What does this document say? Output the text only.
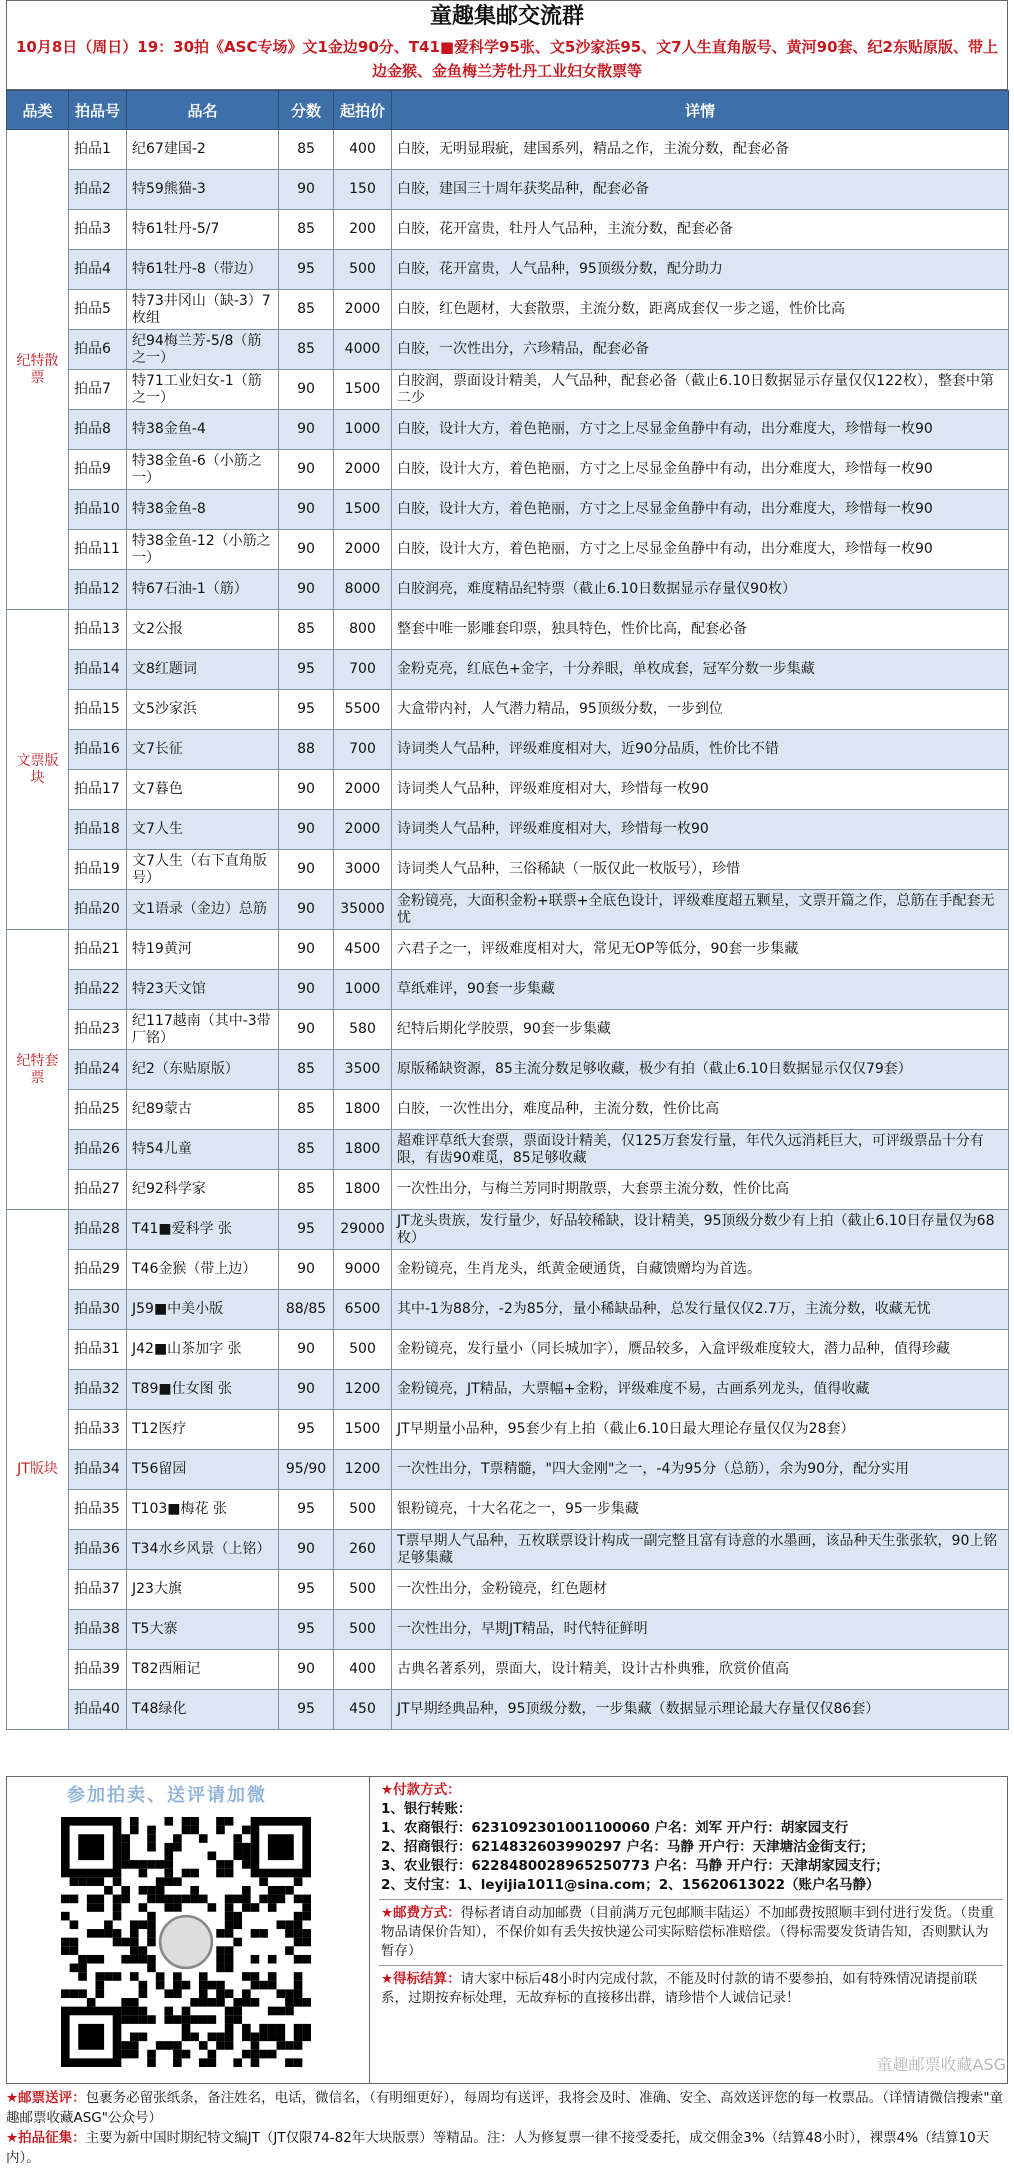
童趣集邮交流群
10月8日（周日）19：30拍《ASC专场》文1金边90分、T41■爱科学95张、文5沙家浜95、文7人生直角版号、黄河90套、纪2东贴原版、带上边金猴、金鱼梅兰芳牡丹工业妇女散票等
品类	拍品号	品名	分数	起拍价	详情
纪特散票	拍品1	纪67建国-2	85	400	白胶，无明显瑕疵，建国系列，精品之作，主流分数，配套必备
	拍品2	特59熊猫-3	90	150	白胶，建国三十周年获奖品种，配套必备
	拍品3	特61牡丹-5/7	85	200	白胶，花开富贵，牡丹人气品种，主流分数，配套必备
	拍品4	特61牡丹-8（带边）	95	500	白胶，花开富贵，人气品种，95顶级分数，配分助力
	拍品5	特73井冈山（缺-3）7枚组	85	2000	白胶，红色题材，大套散票，主流分数，距离成套仅一步之遥，性价比高
	拍品6	纪94梅兰芳-5/8（筋之一）	85	4000	白胶，一次性出分，六珍精品，配套必备
	拍品7	特71工业妇女-1（筋之一）	90	1500	白胶润，票面设计精美，人气品种，配套必备（截止6.10日数据显示存量仅仅122枚），整套中第二少
	拍品8	特38金鱼-4	90	1000	白胶，设计大方，着色艳丽，方寸之上尽显金鱼静中有动，出分难度大，珍惜每一枚90
	拍品9	特38金鱼-6（小筋之一）	90	2000	白胶，设计大方，着色艳丽，方寸之上尽显金鱼静中有动，出分难度大，珍惜每一枚90
	拍品10	特38金鱼-8	90	1500	白胶，设计大方，着色艳丽，方寸之上尽显金鱼静中有动，出分难度大，珍惜每一枚90
	拍品11	特38金鱼-12（小筋之一）	90	2000	白胶，设计大方，着色艳丽，方寸之上尽显金鱼静中有动，出分难度大，珍惜每一枚90
	拍品12	特67石油-1（筋）	90	8000	白胶润亮，难度精品纪特票（截止6.10日数据显示存量仅90枚）
文票版块	拍品13	文2公报	85	800	整套中唯一影雕套印票，独具特色，性价比高，配套必备
	拍品14	文8红题词	95	700	金粉克亮，红底色+金字，十分养眼，单枚成套，冠军分数一步集藏
	拍品15	文5沙家浜	95	5500	大盒带内衬，人气潜力精品，95顶级分数，一步到位
	拍品16	文7长征	88	700	诗词类人气品种，评级难度相对大，近90分品质，性价比不错
	拍品17	文7暮色	90	2000	诗词类人气品种，评级难度相对大，珍惜每一枚90
	拍品18	文7人生	90	2000	诗词类人气品种，评级难度相对大，珍惜每一枚90
	拍品19	文7人生（右下直角版号）	90	3000	诗词类人气品种，三俗稀缺（一版仅此一枚版号），珍惜
	拍品20	文1语录（金边）总筋	90	35000	金粉镜亮，大面积金粉+联票+全底色设计，评级难度超五颗星，文票开篇之作，总筋在手配套无忧
纪特套票	拍品21	特19黄河	90	4500	六君子之一，评级难度相对大，常见无OP等低分，90套一步集藏
	拍品22	特23天文馆	90	1000	草纸难评，90套一步集藏
	拍品23	纪117越南（其中-3带厂铭）	90	580	纪特后期化学胶票，90套一步集藏
	拍品24	纪2（东贴原版）	85	3500	原版稀缺资源，85主流分数足够收藏，极少有拍（截止6.10日数据显示仅仅79套）
	拍品25	纪89蒙古	85	1800	白胶，一次性出分，难度品种，主流分数，性价比高
	拍品26	特54儿童	85	1800	超难评草纸大套票，票面设计精美，仅125万套发行量，年代久远消耗巨大，可评级票品十分有限，有齿90难觅，85足够收藏
	拍品27	纪92科学家	85	1800	一次性出分，与梅兰芳同时期散票，大套票主流分数，性价比高
JT版块	拍品28	T41■爱科学 张	95	29000	JT龙头贵族，发行量少，好品较稀缺，设计精美，95顶级分数少有上拍（截止6.10日存量仅为68枚）
	拍品29	T46金猴（带上边）	90	9000	金粉镜亮，生肖龙头，纸黄金硬通货，自藏馈赠均为首选。
	拍品30	J59■中美小版	88/85	6500	其中-1为88分，-2为85分，量小稀缺品种，总发行量仅仅2.7万，主流分数，收藏无忧
	拍品31	J42■山茶加字 张	90	500	金粉镜亮，发行量小（同长城加字），赝品较多，入盒评级难度较大，潜力品种，值得珍藏
	拍品32	T89■仕女图 张	90	1200	金粉镜亮，JT精品，大票幅+金粉，评级难度不易，古画系列龙头，值得收藏
	拍品33	T12医疗	95	1500	JT早期量小品种，95套少有上拍（截止6.10日最大理论存量仅仅为28套）
	拍品34	T56留园	95/90	1200	一次性出分，T票精髓，"四大金刚"之一，-4为95分（总筋），余为90分，配分实用
	拍品35	T103■梅花 张	95	500	银粉镜亮，十大名花之一，95一步集藏
	拍品36	T34水乡风景（上铭）	90	260	T票早期人气品种，五枚联票设计构成一副完整且富有诗意的水墨画，该品种天生张张软，90上铭足够集藏
	拍品37	J23大旗	95	500	一次性出分，金粉镜亮，红色题材
	拍品38	T5大寨	95	500	一次性出分，早期JT精品，时代特征鲜明
	拍品39	T82西厢记	90	400	古典名著系列，票面大，设计精美，设计古朴典雅，欣赏价值高
	拍品40	T48绿化	95	450	JT早期经典品种，95顶级分数，一步集藏（数据显示理论最大存量仅仅86套）
参加拍卖、送评请加微	★付款方式：
1、银行转账：
1、农商银行：6231092301001100060 户名：刘军 开户行：胡家园支行
2、招商银行：6214832603990297 户名：马静 开户行：天津塘沽金街支行；
3、农业银行：6228480028965250773 户名：马静 开户行：天津胡家园支行；
2、支付宝：1、leyijia1011@sina.com；2、15620613022（账户名马静）
★邮费方式：得标者请自动加邮费（目前满万元包邮顺丰陆运）不加邮费按照顺丰到付进行发货。（贵重物品请保价告知），不保价如有丢失按快递公司实际赔偿标准赔偿。（得标需要发货请告知，否则默认为暂存）
★得标结算：请大家中标后48小时内完成付款，不能及时付款的请不要参拍，如有特殊情况请提前联系，过期按弃标处理，无故弃标的直接移出群，请珍惜个人诚信记录！
★邮票送评：包裹务必留张纸条，备注姓名，电话，微信名，（有明细更好），每周均有送评，我将会及时、准确、安全、高效送评您的每一枚票品。（详情请微信搜索"童趣邮票收藏ASG"公众号）
★拍品征集：主要为新中国时期纪特文编JT（JT仅限74-82年大块版票）等精品。注：人为修复票一律不接受委托，成交佣金3%（结算48小时），裸票4%（结算10天内）。
童趣邮票收藏ASG
